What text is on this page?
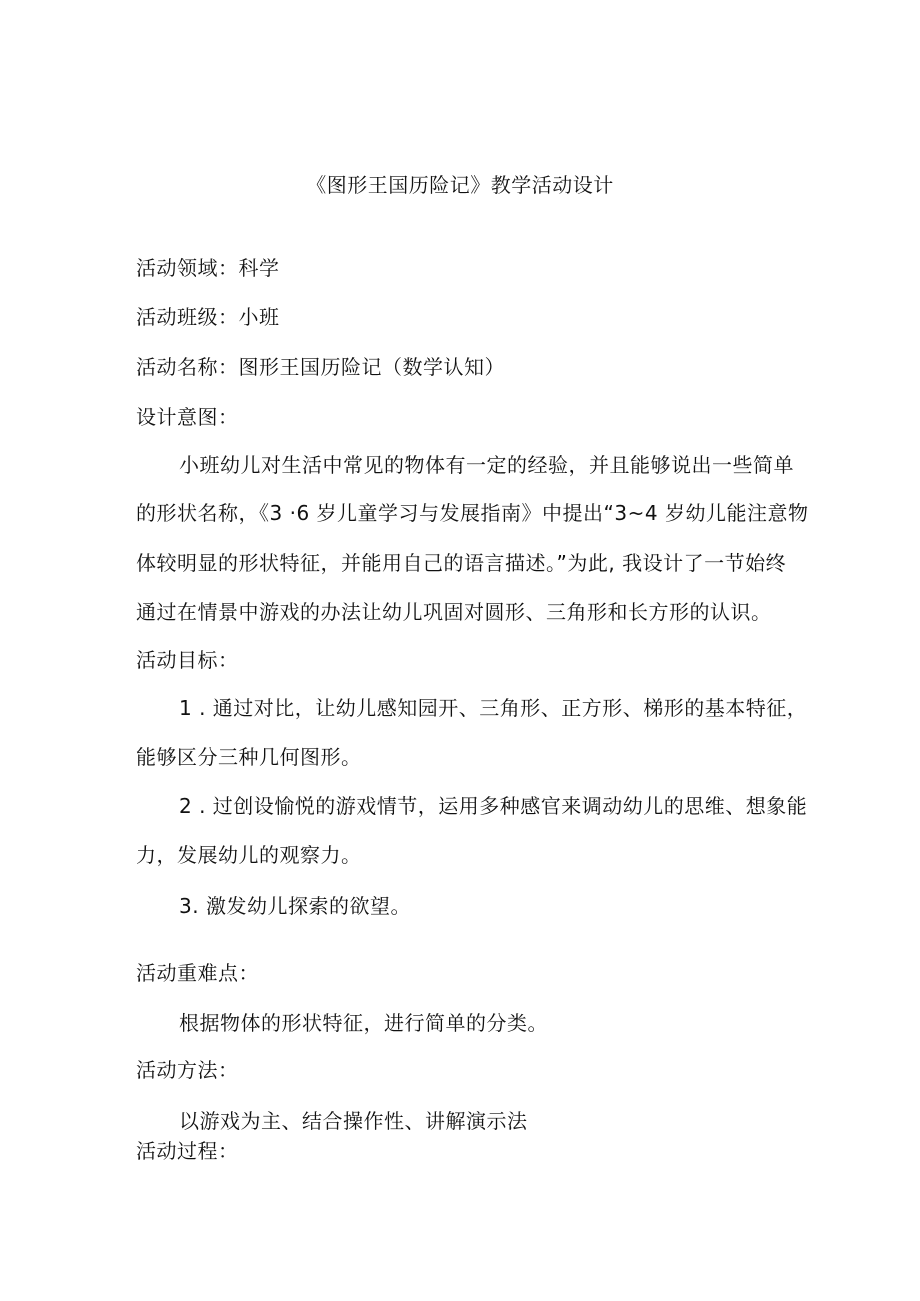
《图形王国历险记》教学活动设计
活动领域：科学
活动班级：小班
活动名称：图形王国历险记（数学认知）
设计意图：
小班幼儿对生活中常见的物体有一定的经验，并且能够说出一些简单
的形状名称，《3 ·6 岁儿童学习与发展指南》中提出“3~4 岁幼儿能注意物
体较明显的形状特征，并能用自己的语言描述。”为此, 我设计了一节始终
通过在情景中游戏的办法让幼儿巩固对圆形、三角形和长方形的认识。
活动目标：
1 . 通过对比，让幼儿感知园开、三角形、正方形、梯形的基本特征，
能够区分三种几何图形。
2 . 过创设愉悦的游戏情节，运用多种感官来调动幼儿的思维、想象能
力，发展幼儿的观察力。
3. 激发幼儿探索的欲望。
活动重难点：
根据物体的形状特征，进行简单的分类。
活动方法：
以游戏为主、结合操作性、讲解演示法
活动过程：
